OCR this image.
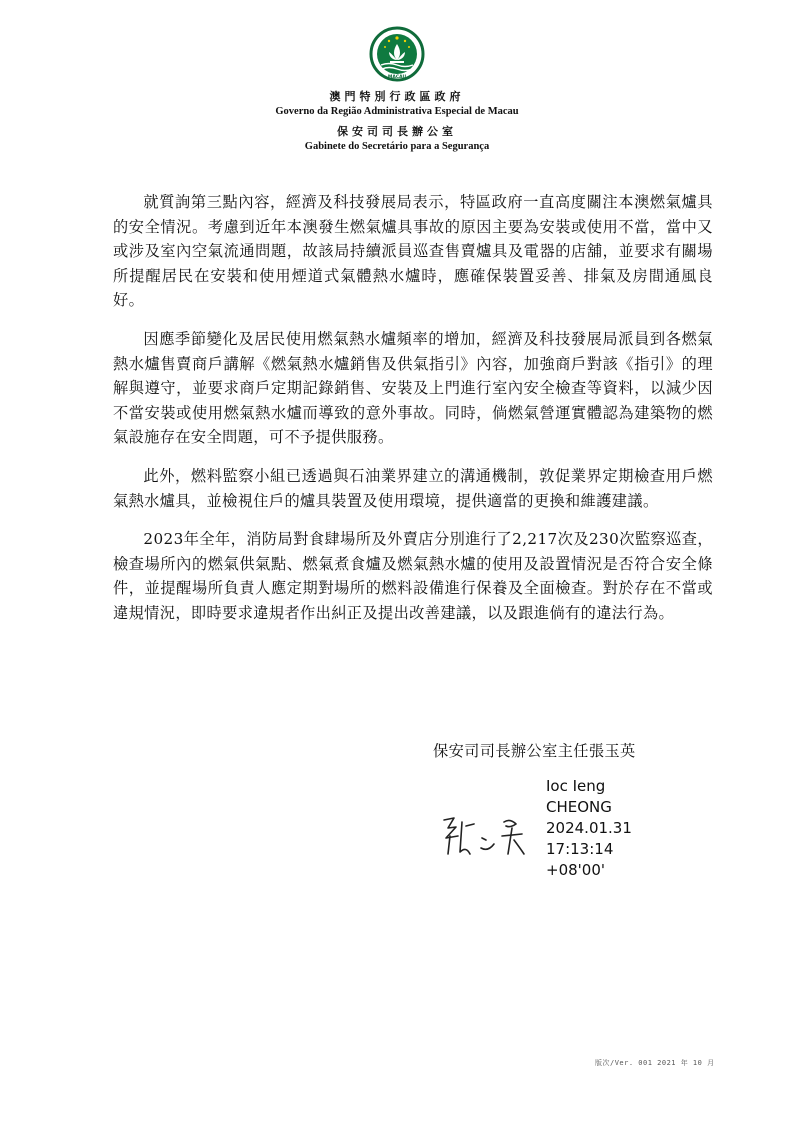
MACAU
澳門特別行政區政府
Governo da Região Administrativa Especial de Macau
保安司司長辦公室
Gabinete do Secretário para a Segurança

就質詢第三點內容，經濟及科技發展局表示，特區政府一直高度關注本澳燃氣爐具的安全情況。考慮到近年本澳發生燃氣爐具事故的原因主要為安裝或使用不當，當中又或涉及室內空氣流通問題，故該局持續派員巡查售賣爐具及電器的店舖，並要求有關場所提醒居民在安裝和使用煙道式氣體熱水爐時，應確保裝置妥善、排氣及房間通風良好。

因應季節變化及居民使用燃氣熱水爐頻率的增加，經濟及科技發展局派員到各燃氣熱水爐售賣商戶講解《燃氣熱水爐銷售及供氣指引》內容，加強商戶對該《指引》的理解與遵守，並要求商戶定期記錄銷售、安裝及上門進行室內安全檢查等資料，以減少因不當安裝或使用燃氣熱水爐而導致的意外事故。同時，倘燃氣營運實體認為建築物的燃氣設施存在安全問題，可不予提供服務。

此外，燃料監察小組已透過與石油業界建立的溝通機制，敦促業界定期檢查用戶燃氣熱水爐具，並檢視住戶的爐具裝置及使用環境，提供適當的更換和維護建議。

2023年全年，消防局對食肆場所及外賣店分別進行了2,217次及230次監察巡查，檢查場所內的燃氣供氣點、燃氣煮食爐及燃氣熱水爐的使用及設置情況是否符合安全條件，並提醒場所負責人應定期對場所的燃料設備進行保養及全面檢查。對於存在不當或違規情況，即時要求違規者作出糾正及提出改善建議，以及跟進倘有的違法行為。

保安司司長辦公室主任張玉英
Ioc Ieng
CHEONG
2024.01.31
17:13:14
+08'00'
版次/Ver. 001 2021 年 10 月
